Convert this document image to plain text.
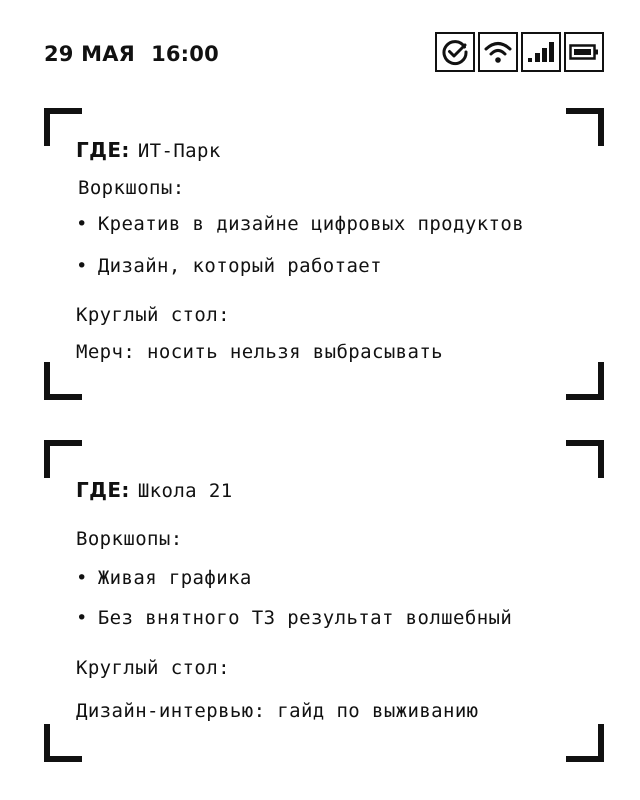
29 МАЯ 16:00
ГДЕ: ИТ-Парк
Воркшопы:
• Креатив в дизайне цифровых продуктов
• Дизайн, который работает
Круглый стол:
Мерч: носить нельзя выбрасывать
ГДЕ: Школа 21
Воркшопы:
• Живая графика
• Без внятного ТЗ результат волшебный
Круглый стол:
Дизайн-интервью: гайд по выживанию
